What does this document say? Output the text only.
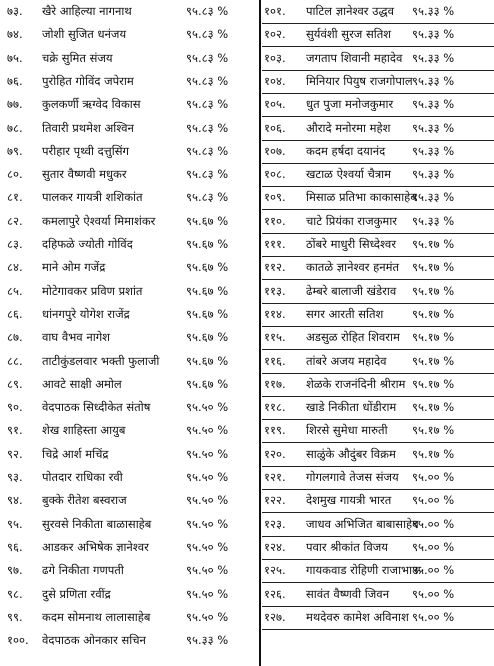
७३. खैरे आहिल्या नागनाथ	९५.८३ %
७४. जोशी सुजित धनंजय	९५.८३ %
७५. चक्रे सुमित संजय	९५.८३ %
७६. पुरोहित गोविंद जपेराम	९५.८३ %
७७. कुलकर्णी ऋग्वेद विकास	९५.८३ %
७८. तिवारी प्रथमेश अश्विन	९५.८३ %
७९. परीहार पृथ्वी दत्तुसिंग	९५.८३ %
८०. सुतार वैष्णवी मधुकर	९५.८३ %
८१. पालकर गायत्री शशिकांत	९५.८३ %
८२. कमलापुरे ऐश्वर्या मिमाशंकर	९५.६७ %
८३. दहिफळे ज्योती गोविंद	९५.६७ %
८४. माने ओम गजेंद्र	९५.६७ %
८५. मोटेगावकर प्रविण प्रशांत	९५.६७ %
८६. धांनगपुरे योगेश राजेंद्र	९५.६७ %
८७. वाघ वैभव नागेश	९५.६७ %
८८. ताटीकुंडलवार भक्ती फुलाजी ९५.६७ %
८९. आवटे साक्षी अमोल	९५.६७ %
९०. वेदपाठक सिध्दीकेत संतोष	९५.५० %
९१. शेख शाहिस्ता आयुब	९५.५० %
९२. चिद्रे आर्श मचिंद्र	९५.५० %
९३. पोतदार राधिका रवी	९५.५० %
९४. बुक्के रीतेश बस्वराज	९५.५० %
९५. सुरवसे निकीता बाळासाहेब	९५.५० %
९६. आडकर अभिषेक ज्ञानेश्वर	९५.५० %
९७. ढगे निकीता गणपती	९५.५० %
९८. दुसे प्रणिता रवींद्र	९५.५० %
९९. कदम सोमनाथ लालासाहेब	९५.५० %
१००. वेदपाठक ओनकार सचिन	९५.३३ %
१०१. पाटिल ज्ञानेश्वर उद्धव ९५.३३ %
१०२. सुर्यवंशी सुरज सतिश ९५.३३ %
१०३. जगताप शिवानी महादेव ९५.३३ %
१०४. मिनियार पियुष राजगोपाल ९५.३३ %
१०५. धुत पुजा मनोजकुमार ९५.३३ %
१०६. औरादे मनोरमा महेश ९५.३३ %
१०७. कदम हर्षदा दयानंद ९५.३३ %
१०८. खटाळ ऐश्वर्या चैत्राम ९५.३३ %
१०९. मिसाळ प्रतिभा काकासाहेब
९५.३३ %
११०. चाटे प्रियंका राजकुमार ९५.३३ %
१११. ठोंबरे माधुरी सिध्देश्वर ९५.१७ %
११२. कातळे ज्ञानेश्वर हनमंत ९५.१७ %
११३. ढेम्बरे बालाजी खंडेराव ९५.१७ %
११४. सगर आरती सतिश ९५.१७ %
११५. अडसुळ रोहित शिवराम ९५.१७ %
११६. तांबरे अजय महादेव ९५.१७ %
११७. शेळके राजनंदिनी श्रीराम ९५.१७ %
११८. खाडे निकीता धोंडीराम ९५.१७ %
११९. शिरसे सुमेधा मारुती ९५.१७ %
१२०. साळुंके औदुंबर विक्रम ९५.१७ %
१२१. गोगलगावे तेजस संजय ९५.०० %
१२२. देशमुख गायत्री भारत ९५.०० %
१२३. जाधव अभिजित बाबासाहेब
९५.०० %
१२४. पवार श्रीकांत विजय ९५.०० %
१२५. गायकवाड रोहिणी राजाभाऊ
९५.०० %
१२६. सावंत वैष्णवी जिवन ९५.०० %
१२७. मथदेवरु कामेश अविनाश ९५.०० %
